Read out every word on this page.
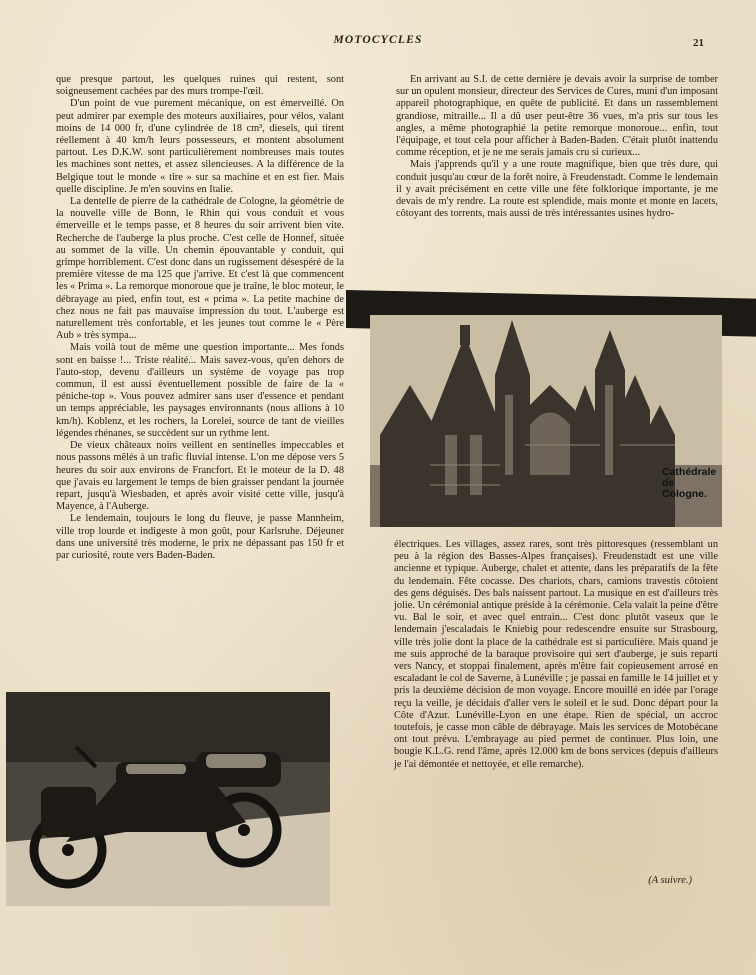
MOTOCYCLES	21

que presque partout, les quelques ruines qui restent, sont soigneusement cachées par des murs trompe-l'œil.

D'un point de vue purement mécanique, on est émerveillé. On peut admirer par exemple des moteurs auxiliaires, pour vélos, valant moins de 14 000 fr, d'une cylindrée de 18 cm³, diesels, qui tirent réellement à 40 km/h leurs possesseurs, et montent absolument partout. Les D.K.W. sont particulièrement nombreuses mais toutes les machines sont nettes, et assez silencieuses. A la différence de la Belgique tout le monde « tire » sur sa machine et en est fier. Mais quelle discipline. Je m'en souvins en Italie.

La dentelle de pierre de la cathédrale de Cologne, la géométrie de la nouvelle ville de Bonn, le Rhin qui vous conduit et vous émerveille et le temps passe, et 8 heures du soir arrivent bien vite. Recherche de l'auberge la plus proche. C'est celle de Honnef, située au sommet de la ville. Un chemin épouvantable y conduit, qui grimpe horriblement. C'est donc dans un rugissement désespéré de la première vitesse de ma 125 que j'arrive. Et c'est là que commencent les « Prima ». La remorque monoroue que je traîne, le bloc moteur, le débrayage au pied, enfin tout, est « prima ». La petite machine de chez nous ne fait pas mauvaise impression du tout. L'auberge est naturellement très confortable, et les jeunes tout comme le « Père Aub » très sympa...

Mais voilà tout de même une question importante... Mes fonds sont en baisse !... Triste réalité... Mais savez-vous, qu'en dehors de l'auto-stop, devenu d'ailleurs un système de voyage pas trop commun, il est aussi éventuellement possible de faire de la « péniche-top ». Vous pouvez admirer sans user d'essence et pendant un temps appréciable, les paysages environnants (nous allions à 10 km/h). Koblenz, et les rochers, la Lorelei, source de tant de vieilles légendes rhénanes, se succèdent sur un rythme lent.

De vieux châteaux noirs veillent en sentinelles impeccables et nous passons mêlés à un trafic fluvial intense. L'on me dépose vers 5 heures du soir aux environs de Francfort. Et le moteur de la D. 48 que j'avais eu largement le temps de bien graisser pendant la journée repart, jusqu'à Wiesbaden, et après avoir visité cette ville, jusqu'à Mayence, à l'Auberge.

Le lendemain, toujours le long du fleuve, je passe Mannheim, ville trop lourde et indigeste à mon goût, pour Karlsruhe. Déjeuner dans une université très moderne, le prix ne dépassant pas 150 fr et par curiosité, route vers Baden-Baden.

En arrivant au S.I. de cette dernière je devais avoir la surprise de tomber sur un opulent monsieur, directeur des Services de Cures, muni d'un imposant appareil photographique, en quête de publicité. Et dans un rassemblement grandiose, mitraille... Il a dû user peut-être 36 vues, m'a pris sur tous les angles, a même photographié la petite remorque monoroue... enfin, tout l'équipage, et tout cela pour afficher à Baden-Baden. C'était plutôt inattendu comme réception, et je ne me serais jamais cru si curieux...

Mais j'apprends qu'il y a une route magnifique, bien que très dure, qui conduit jusqu'au cœur de la forêt noire, à Freudenstadt. Comme le lendemain il y avait précisément en cette ville une fête folklorique importante, je me devais de m'y rendre. La route est splendide, mais monte et monte en lacets, côtoyant des torrents, mais aussi de très intéressantes usines hydro-

Cathédrale
de
Cologne.

électriques. Les villages, assez rares, sont très pittoresques (ressemblant un peu à la région des Basses-Alpes françaises). Freudenstadt est une ville ancienne et typique. Auberge, chalet et attente, dans les préparatifs de la fête du lendemain. Fête cocasse. Des chariots, chars, camions travestis côtoient des gens déguisés. Des bals naissent partout. La musique en est d'ailleurs très jolie. Un cérémonial antique préside à la cérémonie. Cela valait la peine d'être vu. Bal le soir, et avec quel entrain... C'est donc plutôt vaseux que le lendemain j'escaladais le Kniebig pour redescendre ensuite sur Strasbourg, ville très jolie dont la place de la cathédrale est si particulière. Mais quand je me suis approché de la baraque provisoire qui sert d'auberge, je suis reparti vers Nancy, et stoppai finalement, après m'être fait copieusement arrosé en escaladant le col de Saverne, à Lunéville ; je passai en famille le 14 juillet et y pris la deuxième décision de mon voyage. Encore mouillé en idée par l'orage reçu la veille, je décidais d'aller vers le soleil et le sud. Donc départ pour la Côte d'Azur. Lunéville-Lyon en une étape. Rien de spécial, un accroc toutefois, je casse mon câble de débrayage. Mais les services de Motobécane ont tout prévu. L'embrayage au pied permet de continuer. Plus loin, une bougie K.L.G. rend l'âme, après 12.000 km de bons services (depuis d'ailleurs je l'ai démontée et nettoyée, et elle remarche).

(A suivre.)
